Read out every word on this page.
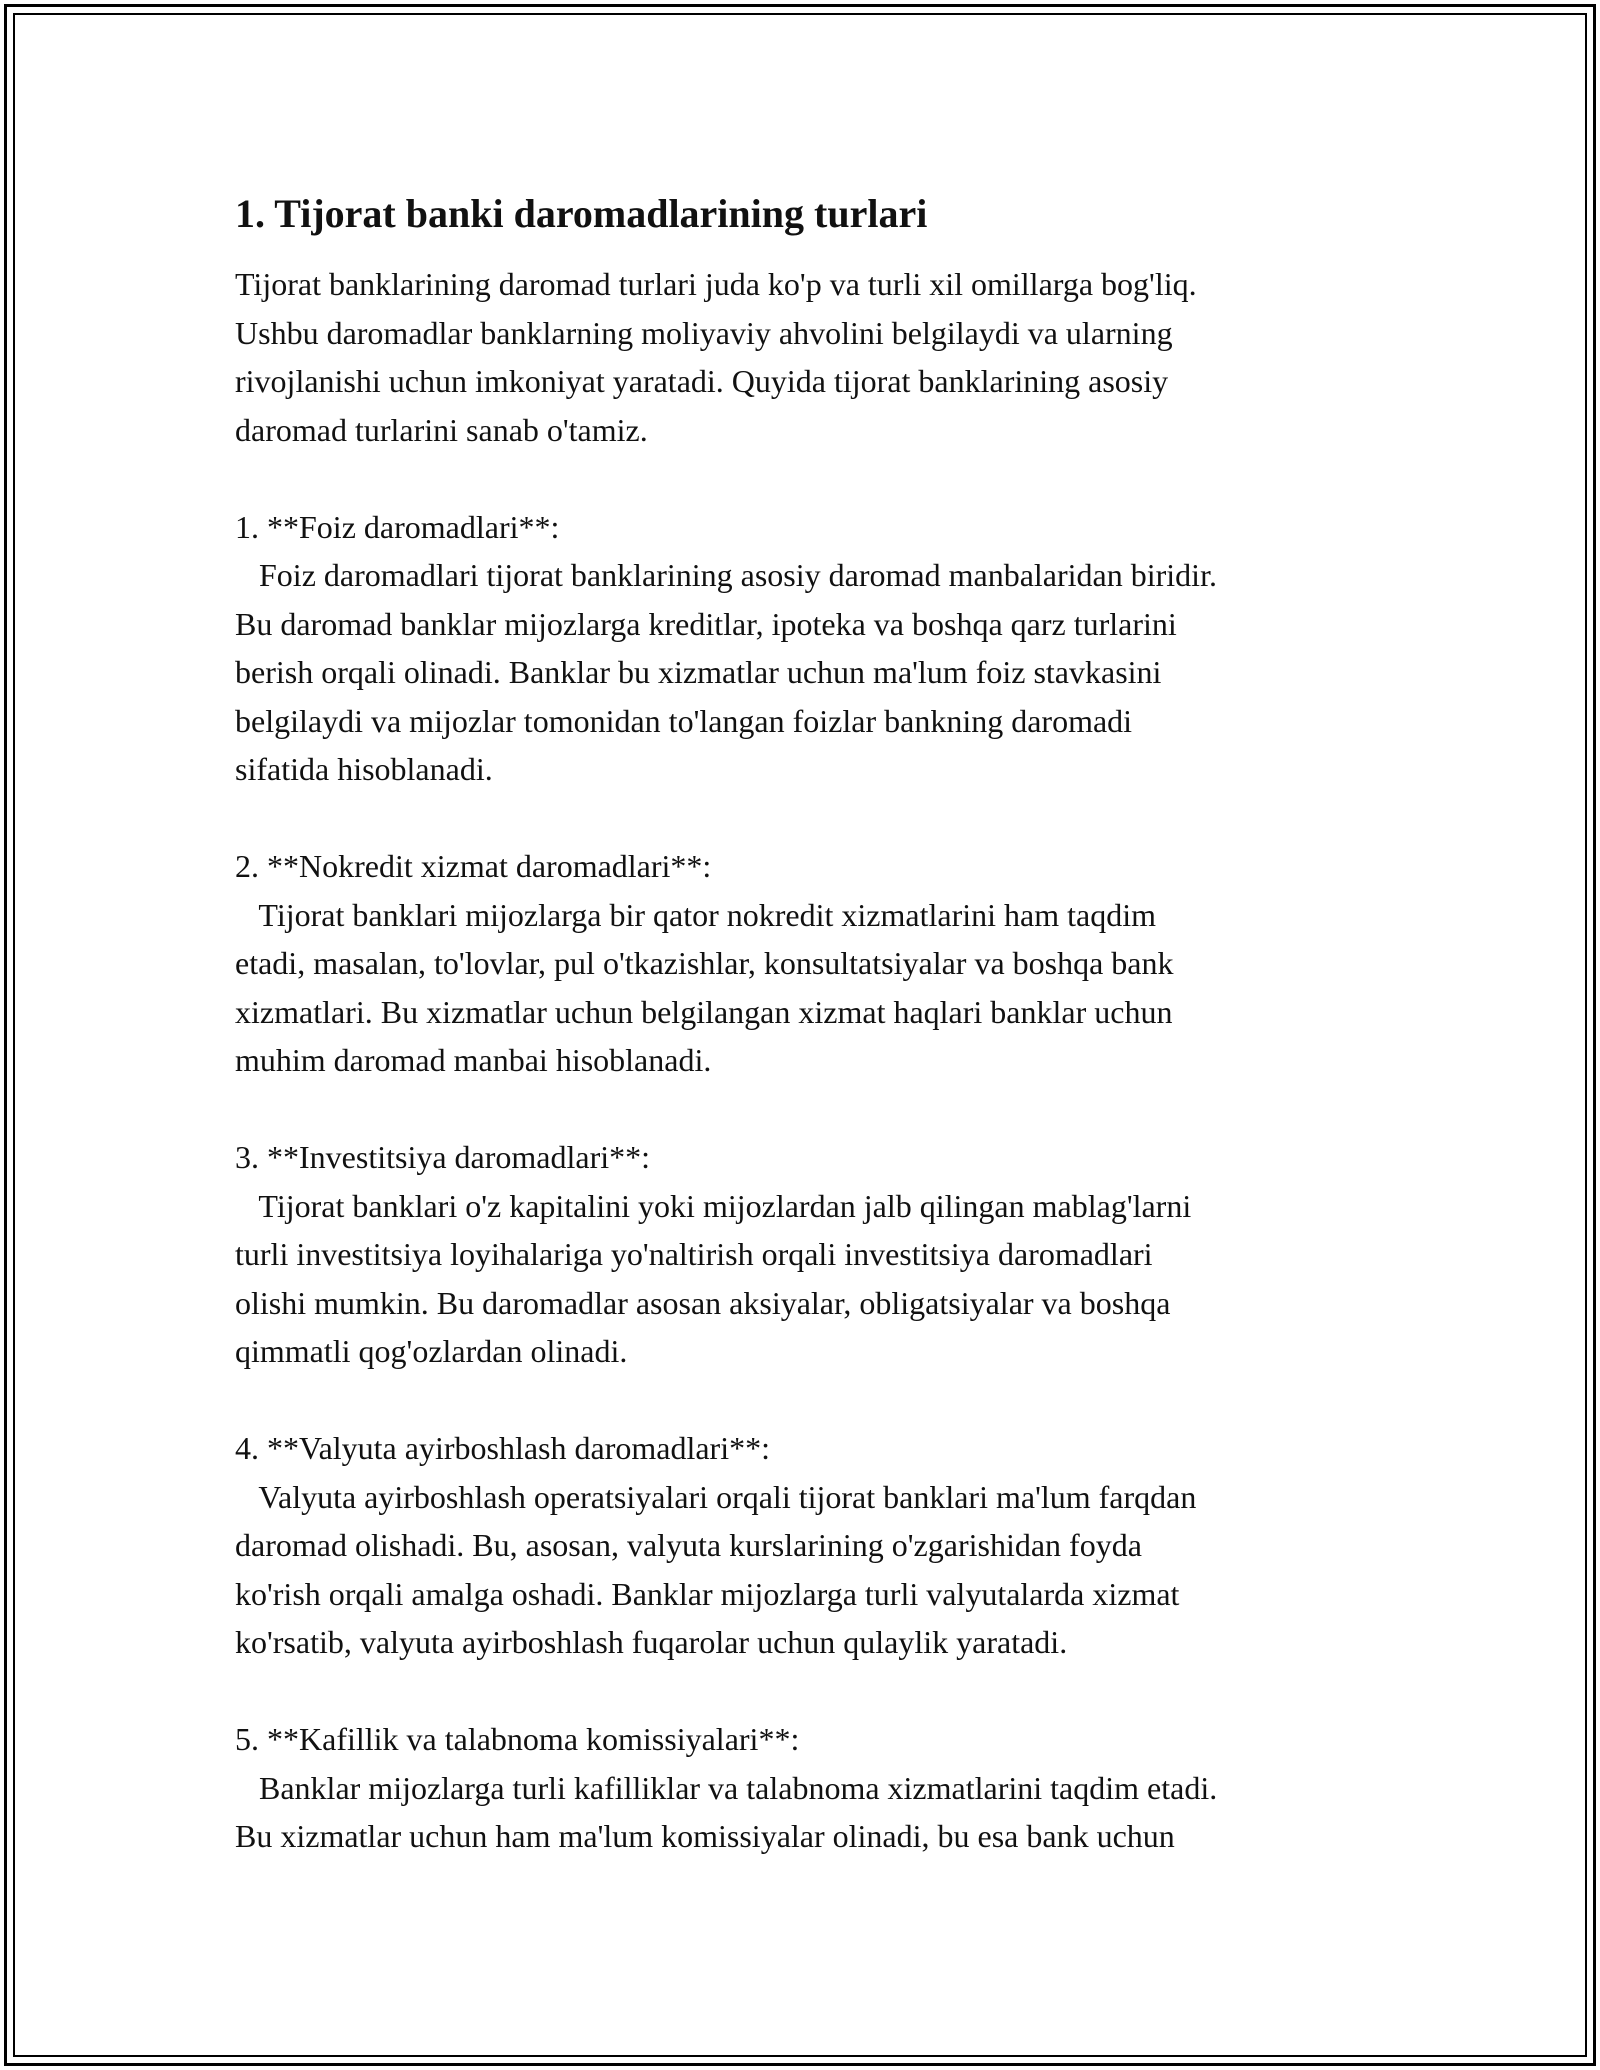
1. Tijorat banki daromadlarining turlari

Tijorat banklarining daromad turlari juda ko'p va turli xil omillarga bog'liq.
Ushbu daromadlar banklarning moliyaviy ahvolini belgilaydi va ularning
rivojlanishi uchun imkoniyat yaratadi. Quyida tijorat banklarining asosiy
daromad turlarini sanab o'tamiz.

1. **Foiz daromadlari**:
Foiz daromadlari tijorat banklarining asosiy daromad manbalaridan biridir.
Bu daromad banklar mijozlarga kreditlar, ipoteka va boshqa qarz turlarini
berish orqali olinadi. Banklar bu xizmatlar uchun ma'lum foiz stavkasini
belgilaydi va mijozlar tomonidan to'langan foizlar bankning daromadi
sifatida hisoblanadi.

2. **Nokredit xizmat daromadlari**:
Tijorat banklari mijozlarga bir qator nokredit xizmatlarini ham taqdim
etadi, masalan, to'lovlar, pul o'tkazishlar, konsultatsiyalar va boshqa bank
xizmatlari. Bu xizmatlar uchun belgilangan xizmat haqlari banklar uchun
muhim daromad manbai hisoblanadi.

3. **Investitsiya daromadlari**:
Tijorat banklari o'z kapitalini yoki mijozlardan jalb qilingan mablag'larni
turli investitsiya loyihalariga yo'naltirish orqali investitsiya daromadlari
olishi mumkin. Bu daromadlar asosan aksiyalar, obligatsiyalar va boshqa
qimmatli qog'ozlardan olinadi.

4. **Valyuta ayirboshlash daromadlari**:
Valyuta ayirboshlash operatsiyalari orqali tijorat banklari ma'lum farqdan
daromad olishadi. Bu, asosan, valyuta kurslarining o'zgarishidan foyda
ko'rish orqali amalga oshadi. Banklar mijozlarga turli valyutalarda xizmat
ko'rsatib, valyuta ayirboshlash fuqarolar uchun qulaylik yaratadi.

5. **Kafillik va talabnoma komissiyalari**:
Banklar mijozlarga turli kafilliklar va talabnoma xizmatlarini taqdim etadi.
Bu xizmatlar uchun ham ma'lum komissiyalar olinadi, bu esa bank uchun
